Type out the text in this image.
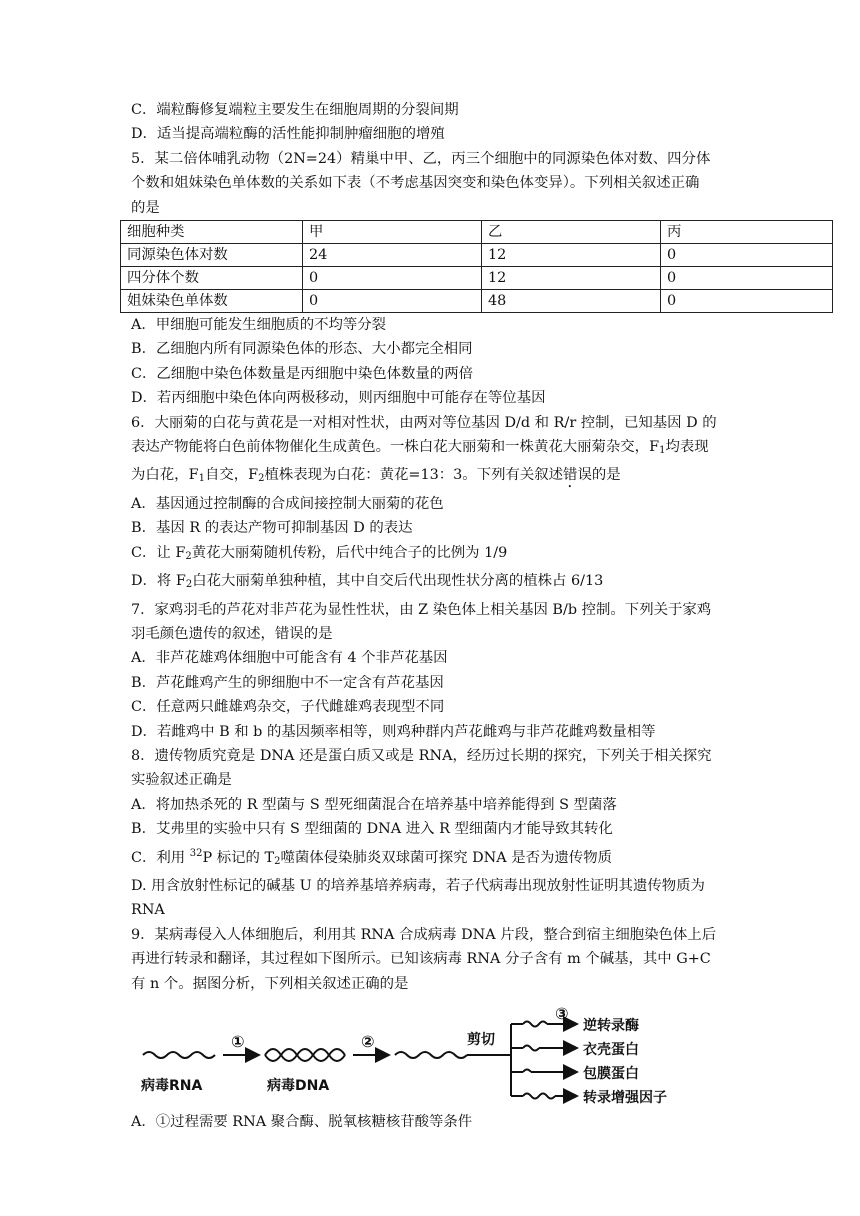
C．端粒酶修复端粒主要发生在细胞周期的分裂间期
D．适当提高端粒酶的活性能抑制肿瘤细胞的增殖
5．某二倍体哺乳动物（2N=24）精巢中甲、乙，丙三个细胞中的同源染色体对数、四分体
个数和姐妹染色单体数的关系如下表（不考虑基因突变和染色体变异）。下列相关叙述正确
的是
细胞种类	甲	乙	丙
同源染色体对数	24	12	0
四分体个数	0	12	0
姐妹染色单体数	0	48	0
A．甲细胞可能发生细胞质的不均等分裂
B．乙细胞内所有同源染色体的形态、大小都完全相同
C．乙细胞中染色体数量是丙细胞中染色体数量的两倍
D．若丙细胞中染色体向两极移动，则丙细胞中可能存在等位基因
6．大丽菊的白花与黄花是一对相对性状，由两对等位基因 D/d 和 R/r 控制，已知基因 D 的
表达产物能将白色前体物催化生成黄色。一株白花大丽菊和一株黄花大丽菊杂交，$F_1$均表现
为白花，$F_1$自交，$F_2$植株表现为白花：黄花=13：3。下列有关叙述错误的是
A．基因通过控制酶的合成间接控制大丽菊的花色
B．基因 R 的表达产物可抑制基因 D 的表达
C．让 $F_2$黄花大丽菊随机传粉，后代中纯合子的比例为 1/9
D．将 $F_2$白花大丽菊单独种植，其中自交后代出现性状分离的植株占 6/13
7．家鸡羽毛的芦花对非芦花为显性性状，由 Z 染色体上相关基因 B/b 控制。下列关于家鸡
羽毛颜色遗传的叙述，错误的是
A．非芦花雄鸡体细胞中可能含有 4 个非芦花基因
B．芦花雌鸡产生的卵细胞中不一定含有芦花基因
C．任意两只雌雄鸡杂交，子代雌雄鸡表现型不同
D．若雌鸡中 B 和 b 的基因频率相等，则鸡种群内芦花雌鸡与非芦花雌鸡数量相等
8．遗传物质究竟是 DNA 还是蛋白质又或是 RNA，经历过长期的探究，下列关于相关探究
实验叙述正确是
A．将加热杀死的 R 型菌与 S 型死细菌混合在培养基中培养能得到 S 型菌落
B．艾弗里的实验中只有 S 型细菌的 DNA 进入 R 型细菌内才能导致其转化
C．利用 $^{32}$P 标记的 $T_2$噬菌体侵染肺炎双球菌可探究 DNA 是否为遗传物质
D. 用含放射性标记的碱基 U 的培养基培养病毒，若子代病毒出现放射性证明其遗传物质为
RNA
9．某病毒侵入人体细胞后，利用其 RNA 合成病毒 DNA 片段，整合到宿主细胞染色体上后
再进行转录和翻译，其过程如下图所示。已知该病毒 RNA 分子含有 m 个碱基，其中 G+C
有 n 个。据图分析，下列相关叙述正确的是
病毒RNA	病毒DNA
①	②
③
剪切
逆转录酶
衣壳蛋白
包膜蛋白
转录增强因子
A．①过程需要 RNA 聚合酶、脱氧核糖核苷酸等条件
